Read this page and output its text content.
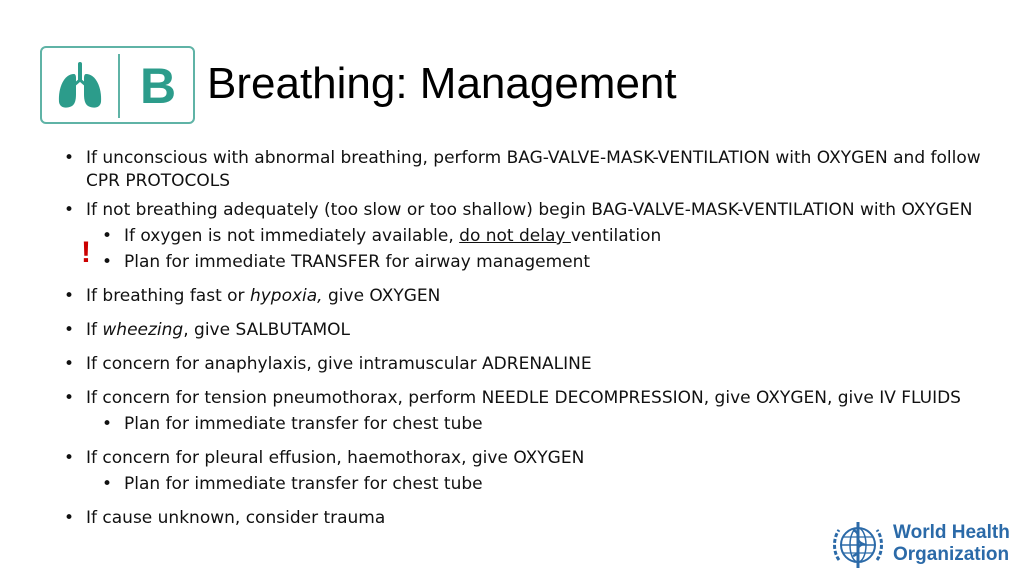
B Breathing: Management
!
• If unconscious with abnormal breathing, perform BAG-VALVE-MASK-VENTILATION with OXYGEN and follow CPR PROTOCOLS
• If not breathing adequately (too slow or too shallow) begin BAG-VALVE-MASK-VENTILATION with OXYGEN
• If oxygen is not immediately available, do not delay ventilation
• Plan for immediate TRANSFER for airway management
• If breathing fast or hypoxia, give OXYGEN
• If wheezing, give SALBUTAMOL
• If concern for anaphylaxis, give intramuscular ADRENALINE
• If concern for tension pneumothorax, perform NEEDLE DECOMPRESSION, give OXYGEN, give IV FLUIDS
• Plan for immediate transfer for chest tube
• If concern for pleural effusion, haemothorax, give OXYGEN
• Plan for immediate transfer for chest tube
• If cause unknown, consider trauma
World Health
Organization
